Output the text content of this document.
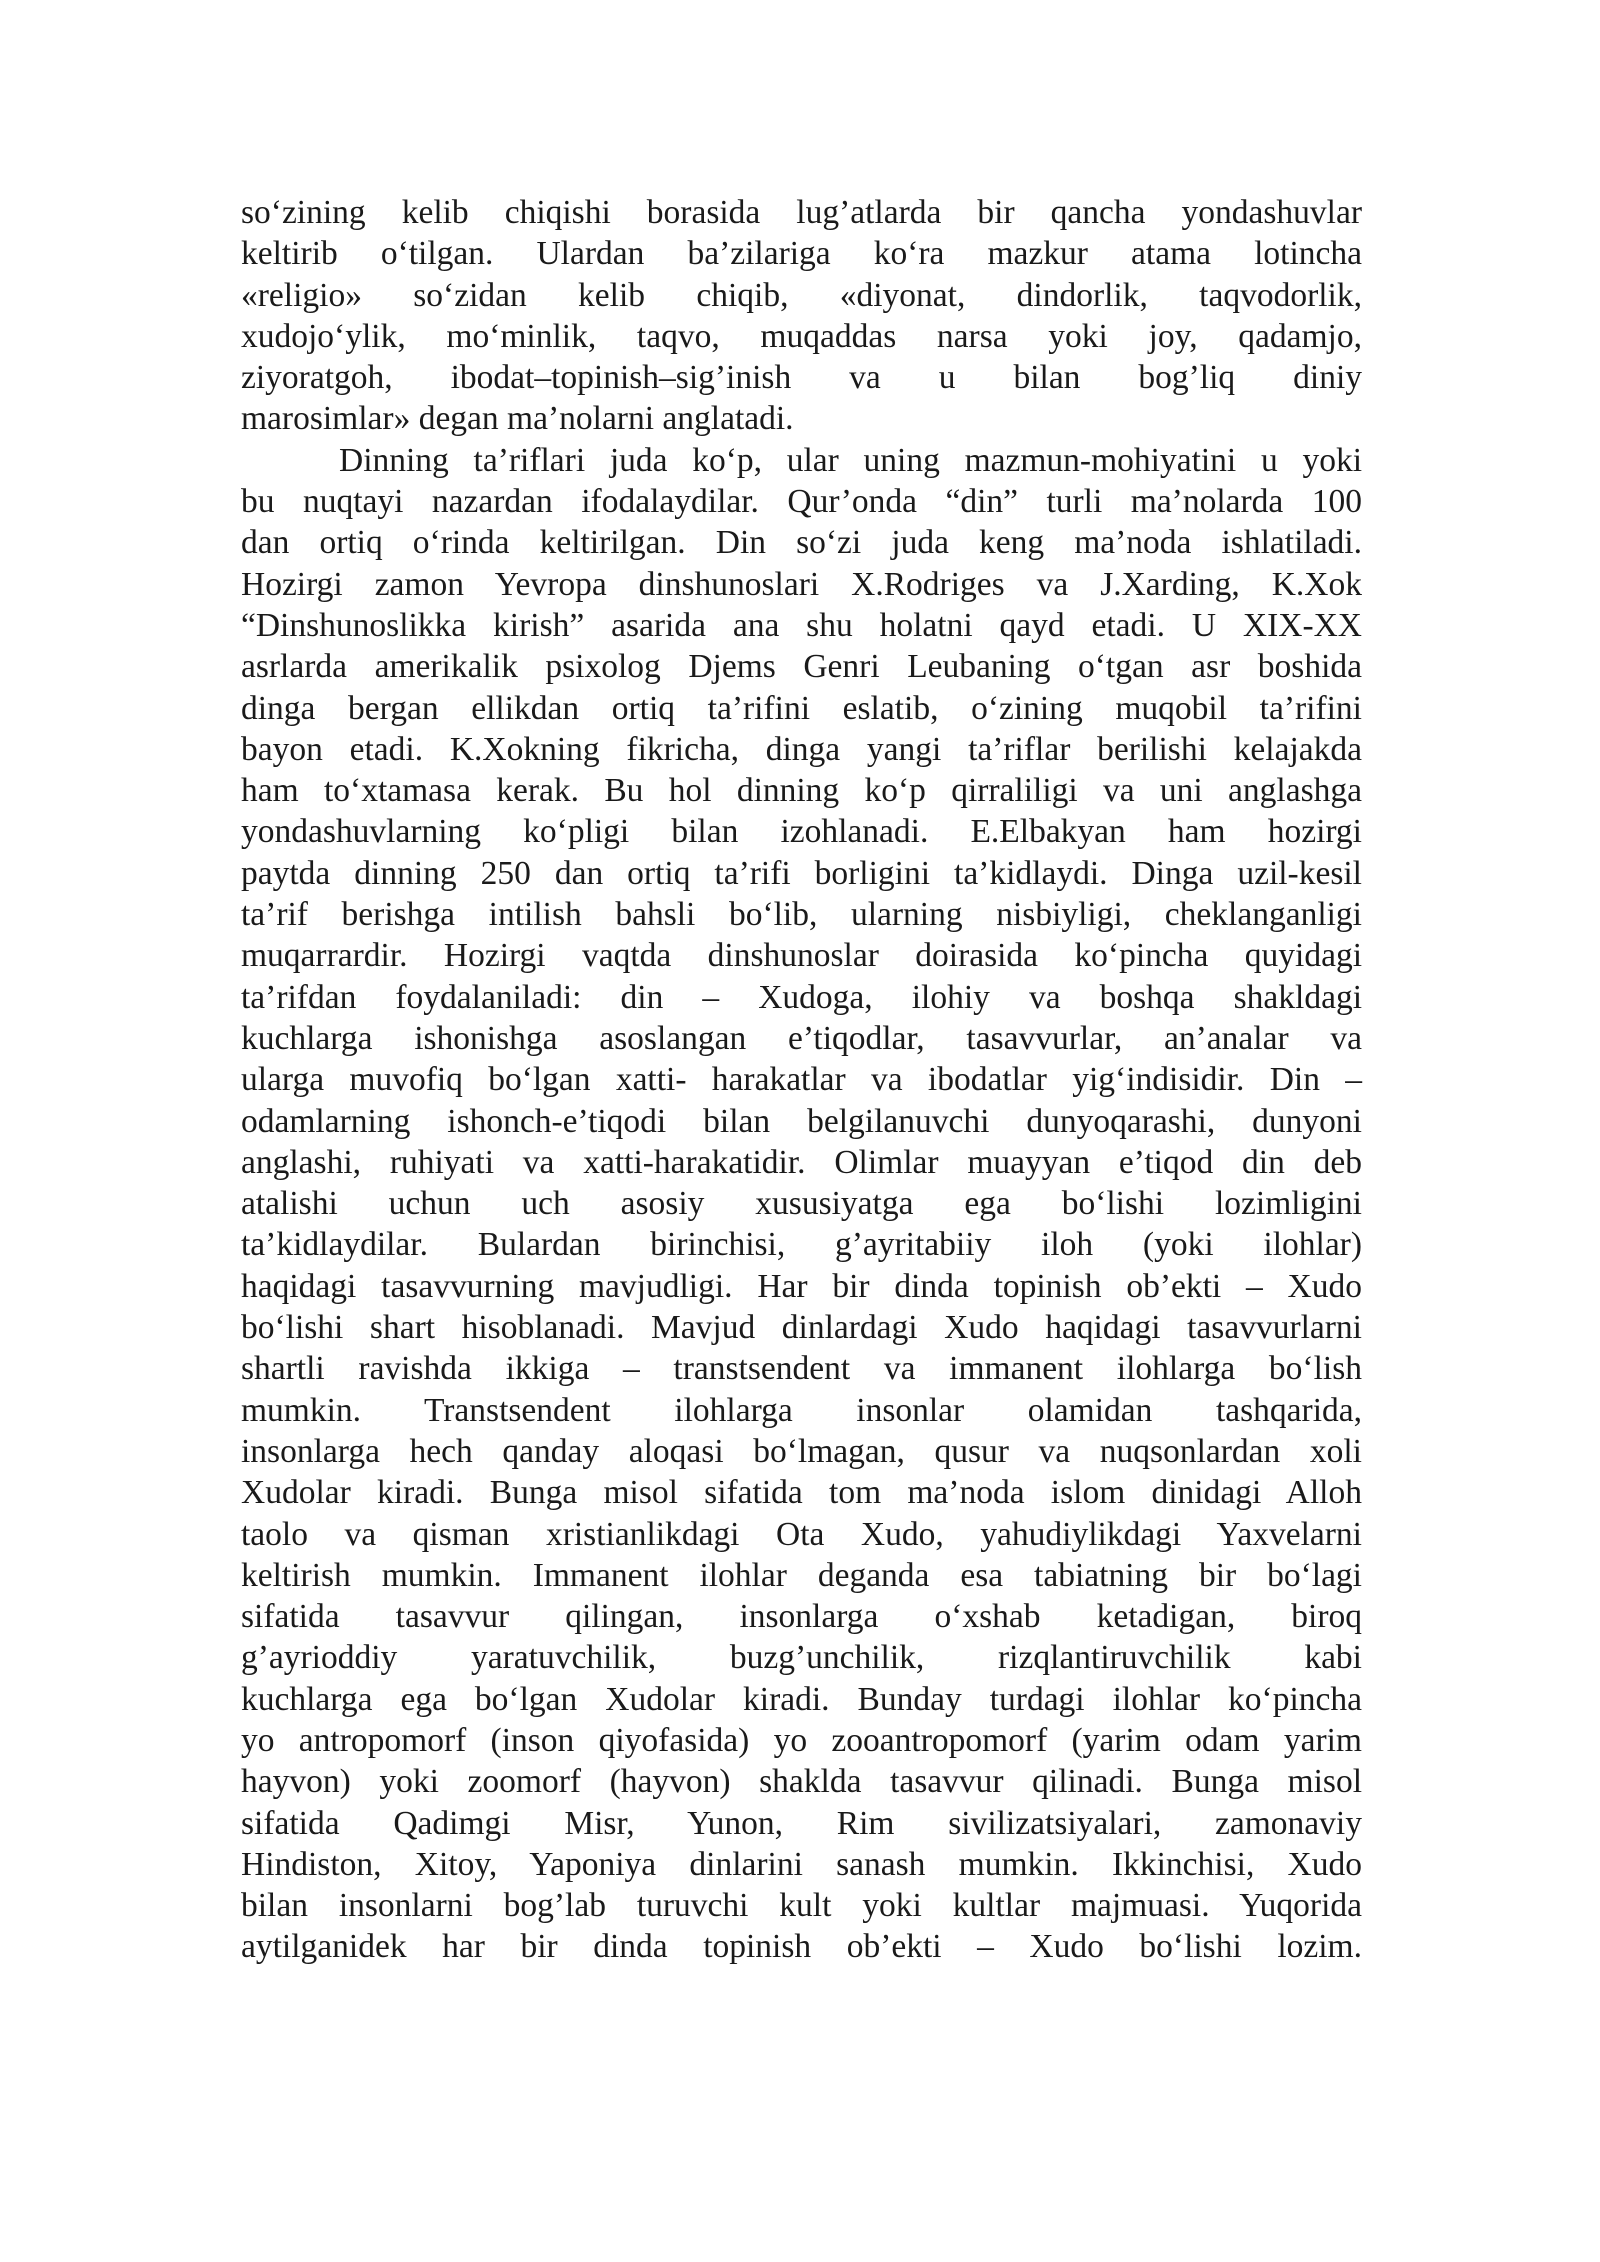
so‘zining kelib chiqishi borasida lug’atlarda bir qancha yondashuvlar
keltirib o‘tilgan. Ulardan ba’zilariga ko‘ra mazkur atama lotincha
«religio» so‘zidan kelib chiqib, «diyonat, dindorlik, taqvodorlik,
xudojo‘ylik, mo‘minlik, taqvo, muqaddas narsa yoki joy, qadamjo,
ziyoratgoh, ibodat–topinish–sig’inish va u bilan bog’liq diniy
marosimlar» degan ma’nolarni anglatadi.
Dinning ta’riflari juda ko‘p, ular uning mazmun-mohiyatini u yoki
bu nuqtayi nazardan ifodalaydilar. Qur’onda “din” turli ma’nolarda 100
dan ortiq o‘rinda keltirilgan. Din so‘zi juda keng ma’noda ishlatiladi.
Hozirgi zamon Yevropa dinshunoslari X.Rodriges va J.Xarding, K.Xok
“Dinshunoslikka kirish” asarida ana shu holatni qayd etadi. U XIX-XX
asrlarda amerikalik psixolog Djems Genri Leubaning o‘tgan asr boshida
dinga bergan ellikdan ortiq ta’rifini eslatib, o‘zining muqobil ta’rifini
bayon etadi. K.Xokning fikricha, dinga yangi ta’riflar berilishi kelajakda
ham to‘xtamasa kerak. Bu hol dinning ko‘p qirraliligi va uni anglashga
yondashuvlarning ko‘pligi bilan izohlanadi. E.Elbakyan ham hozirgi
paytda dinning 250 dan ortiq ta’rifi borligini ta’kidlaydi. Dinga uzil-kesil
ta’rif berishga intilish bahsli bo‘lib, ularning nisbiyligi, cheklanganligi
muqarrardir. Hozirgi vaqtda dinshunoslar doirasida ko‘pincha quyidagi
ta’rifdan foydalaniladi: din – Xudoga, ilohiy va boshqa shakldagi
kuchlarga ishonishga asoslangan e’tiqodlar, tasavvurlar, an’analar va
ularga muvofiq bo‘lgan xatti- harakatlar va ibodatlar yig‘indisidir. Din –
odamlarning ishonch-e’tiqodi bilan belgilanuvchi dunyoqarashi, dunyoni
anglashi, ruhiyati va xatti-harakatidir. Olimlar muayyan e’tiqod din deb
atalishi uchun uch asosiy xususiyatga ega bo‘lishi lozimligini
ta’kidlaydilar. Bulardan birinchisi, g’ayritabiiy iloh (yoki ilohlar)
haqidagi tasavvurning mavjudligi. Har bir dinda topinish ob’ekti – Xudo
bo‘lishi shart hisoblanadi. Mavjud dinlardagi Xudo haqidagi tasavvurlarni
shartli ravishda ikkiga – transtsendent va immanent ilohlarga bo‘lish
mumkin. Transtsendent ilohlarga insonlar olamidan tashqarida,
insonlarga hech qanday aloqasi bo‘lmagan, qusur va nuqsonlardan xoli
Xudolar kiradi. Bunga misol sifatida tom ma’noda islom dinidagi Alloh
taolo va qisman xristianlikdagi Ota Xudo, yahudiylikdagi Yaxvelarni
keltirish mumkin. Immanent ilohlar deganda esa tabiatning bir bo‘lagi
sifatida tasavvur qilingan, insonlarga o‘xshab ketadigan, biroq
g’ayrioddiy yaratuvchilik, buzg’unchilik, rizqlantiruvchilik kabi
kuchlarga ega bo‘lgan Xudolar kiradi. Bunday turdagi ilohlar ko‘pincha
yo antropomorf (inson qiyofasida) yo zooantropomorf (yarim odam yarim
hayvon) yoki zoomorf (hayvon) shaklda tasavvur qilinadi. Bunga misol
sifatida Qadimgi Misr, Yunon, Rim sivilizatsiyalari, zamonaviy
Hindiston, Xitoy, Yaponiya dinlarini sanash mumkin. Ikkinchisi, Xudo
bilan insonlarni bog’lab turuvchi kult yoki kultlar majmuasi. Yuqorida
aytilganidek har bir dinda topinish ob’ekti – Xudo bo‘lishi lozim.
